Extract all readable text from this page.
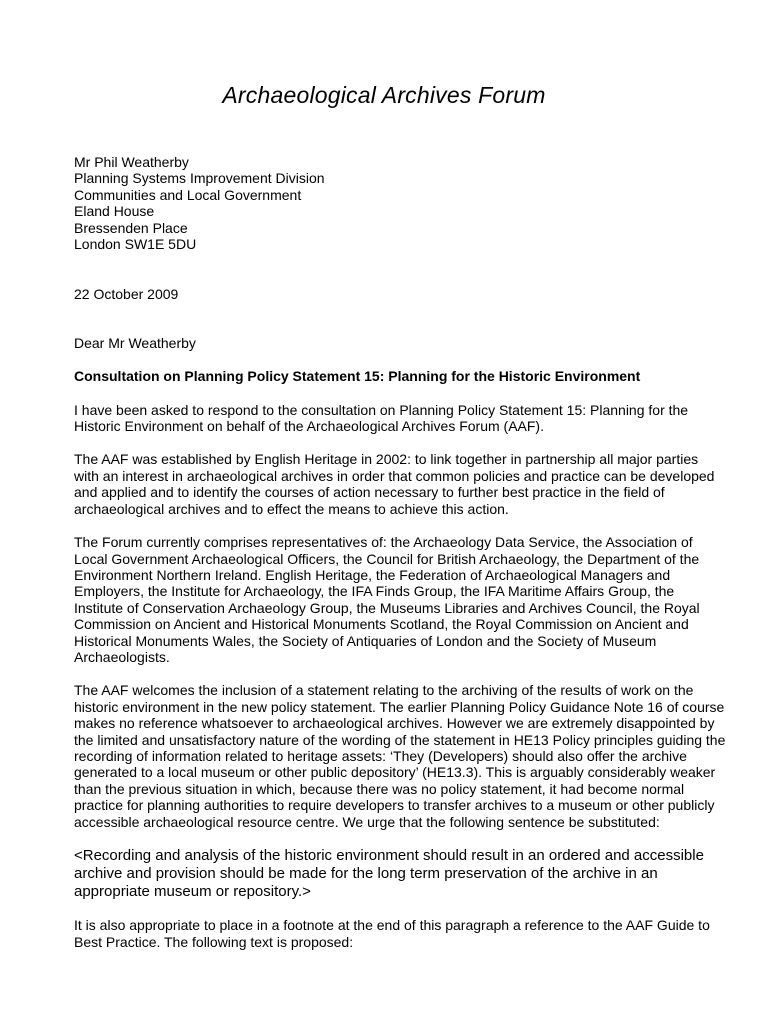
Archaeological Archives Forum
Mr Phil Weatherby
Planning Systems Improvement Division
Communities and Local Government
Eland House
Bressenden Place
London SW1E 5DU
22 October 2009
Dear Mr Weatherby
Consultation on Planning Policy Statement 15: Planning for the Historic Environment
I have been asked to respond to the consultation on Planning Policy Statement 15: Planning for the Historic Environment on behalf of the Archaeological Archives Forum (AAF).
The AAF was established by English Heritage in 2002: to link together in partnership all major parties with an interest in archaeological archives in order that common policies and practice can be developed and applied and to identify the courses of action necessary to further best practice in the field of archaeological archives and to effect the means to achieve this action.
The Forum currently comprises representatives of: the Archaeology Data Service, the Association of Local Government Archaeological Officers, the Council for British Archaeology, the Department of the Environment Northern Ireland. English Heritage, the Federation of Archaeological Managers and Employers, the Institute for Archaeology, the IFA Finds Group, the IFA Maritime Affairs Group, the Institute of Conservation Archaeology Group, the Museums Libraries and Archives Council, the Royal Commission on Ancient and Historical Monuments Scotland, the Royal Commission on Ancient and Historical Monuments Wales, the Society of Antiquaries of London and the Society of Museum Archaeologists.
The AAF welcomes the inclusion of a statement relating to the archiving of the results of work on the historic environment in the new policy statement. The earlier Planning Policy Guidance Note 16 of course makes no reference whatsoever to archaeological archives. However we are extremely disappointed by the limited and unsatisfactory nature of the wording of the statement in HE13 Policy principles guiding the recording of information related to heritage assets: ‘They (Developers) should also offer the archive generated to a local museum or other public depository’ (HE13.3). This is arguably considerably weaker than the previous situation in which, because there was no policy statement, it had become normal practice for planning authorities to require developers to transfer archives to a museum or other publicly accessible archaeological resource centre. We urge that the following sentence be substituted:
<Recording and analysis of the historic environment should result in an ordered and accessible archive and provision should be made for the long term preservation of the archive in an appropriate museum or repository.>
It is also appropriate to place in a footnote at the end of this paragraph a reference to the AAF Guide to Best Practice. The following text is proposed:
